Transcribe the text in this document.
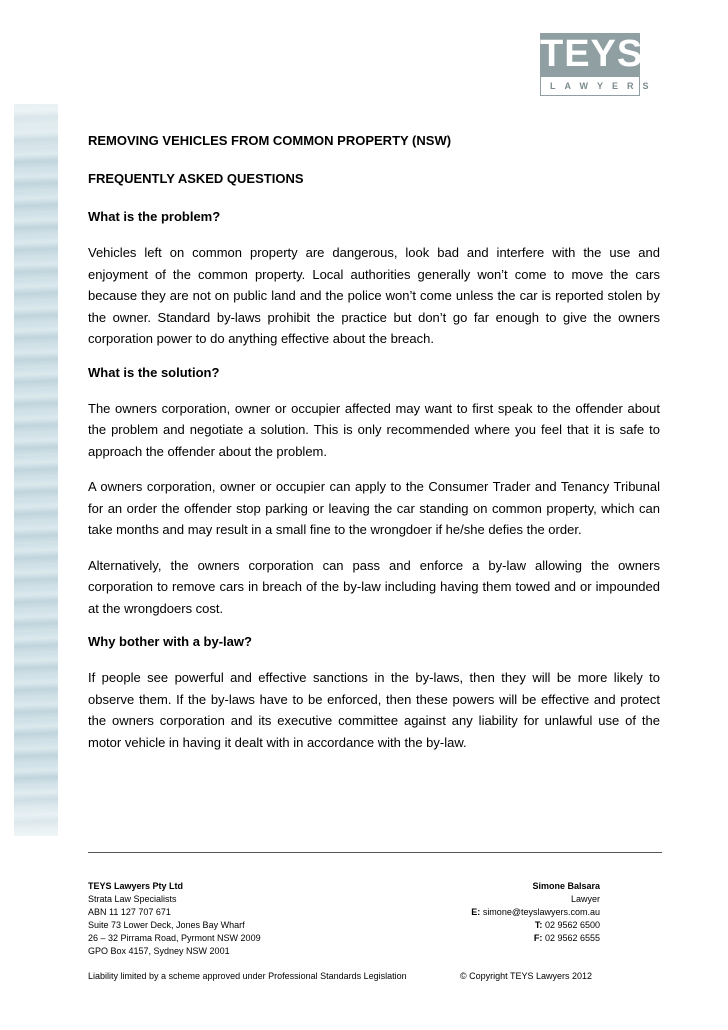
TEYS
LAWYERS
REMOVING VEHICLES FROM COMMON PROPERTY (NSW)
FREQUENTLY ASKED QUESTIONS
What is the problem?
Vehicles left on common property are dangerous, look bad and interfere with the use and enjoyment of the common property. Local authorities generally won’t come to move the cars because they are not on public land and the police won’t come unless the car is reported stolen by the owner. Standard by-laws prohibit the practice but don’t go far enough to give the owners corporation power to do anything effective about the breach.
What is the solution?
The owners corporation, owner or occupier affected may want to first speak to the offender about the problem and negotiate a solution. This is only recommended where you feel that it is safe to approach the offender about the problem.
A owners corporation, owner or occupier can apply to the Consumer Trader and Tenancy Tribunal for an order the offender stop parking or leaving the car standing on common property, which can take months and may result in a small fine to the wrongdoer if he/she defies the order.
Alternatively, the owners corporation can pass and enforce a by-law allowing the owners corporation to remove cars in breach of the by-law including having them towed and or impounded at the wrongdoers cost.
Why bother with a by-law?
If people see powerful and effective sanctions in the by-laws, then they will be more likely to observe them. If the by-laws have to be enforced, then these powers will be effective and protect the owners corporation and its executive committee against any liability for unlawful use of the motor vehicle in having it dealt with in accordance with the by-law.
TEYS Lawyers Pty Ltd
Strata Law Specialists
ABN 11 127 707 671
Suite 73 Lower Deck, Jones Bay Wharf
26 – 32 Pirrama Road, Pyrmont NSW 2009
GPO Box 4157, Sydney NSW 2001
Simone Balsara
Lawyer
E: simone@teyslawyers.com.au
T: 02 9562 6500
F: 02 9562 6555
Liability limited by a scheme approved under Professional Standards Legislation	© Copyright TEYS Lawyers 2012
